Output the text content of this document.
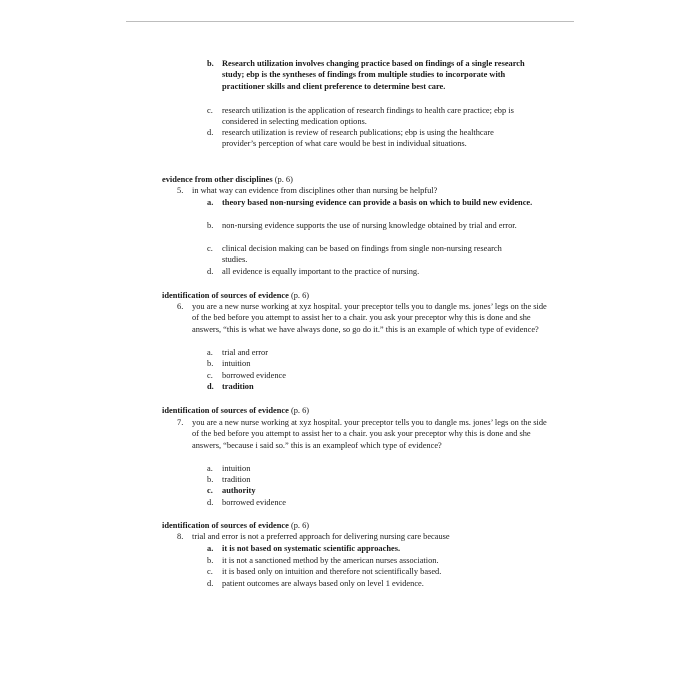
b. Research utilization involves changing practice based on findings of a single research study; ebp is the syntheses of findings from multiple studies to incorporate with practitioner skills and client preference to determine best care.
c.	research utilization is the application of research findings to health care practice; ebp is considered in selecting medication options.
d.	research utilization is review of research publications; ebp is using the healthcare provider’s perception of what care would be best in individual situations.
evidence from other disciplines (p. 6)
5.	in what way can evidence from disciplines other than nursing be helpful?
a.	theory based non-nursing evidence can provide a basis on which to build new evidence.
b.	non-nursing evidence supports the use of nursing knowledge obtained by trial and error.
c.	clinical decision making can be based on findings from single non-nursing research studies.
d.	all evidence is equally important to the practice of nursing.
identification of sources of evidence (p. 6)
6.	you are a new nurse working at xyz hospital. your preceptor tells you to dangle ms. jones’ legs on the side of the bed before you attempt to assist her to a chair. you ask your preceptor why this is done and she answers, “this is what we have always done, so go do it.” this is an example of which type of evidence?
a.	trial and error
b.	intuition
c.	borrowed evidence
d. tradition
identification of sources of evidence (p. 6)
7.	you are a new nurse working at xyz hospital. your preceptor tells you to dangle ms. jones’ legs on the side of the bed before you attempt to assist her to a chair. you ask your preceptor why this is done and she answers, “because i said so.” this is an exampleof which type of evidence?
a.	intuition
b.	tradition
c.	authority
d.	borrowed evidence
identification of sources of evidence (p. 6)
8.	trial and error is not a preferred approach for delivering nursing care because
a.	it is not based on systematic scientific approaches.
b.	it is not a sanctioned method by the american nurses association.
c.	it is based only on intuition and therefore not scientifically based.
d.	patient outcomes are always based only on level 1 evidence.
